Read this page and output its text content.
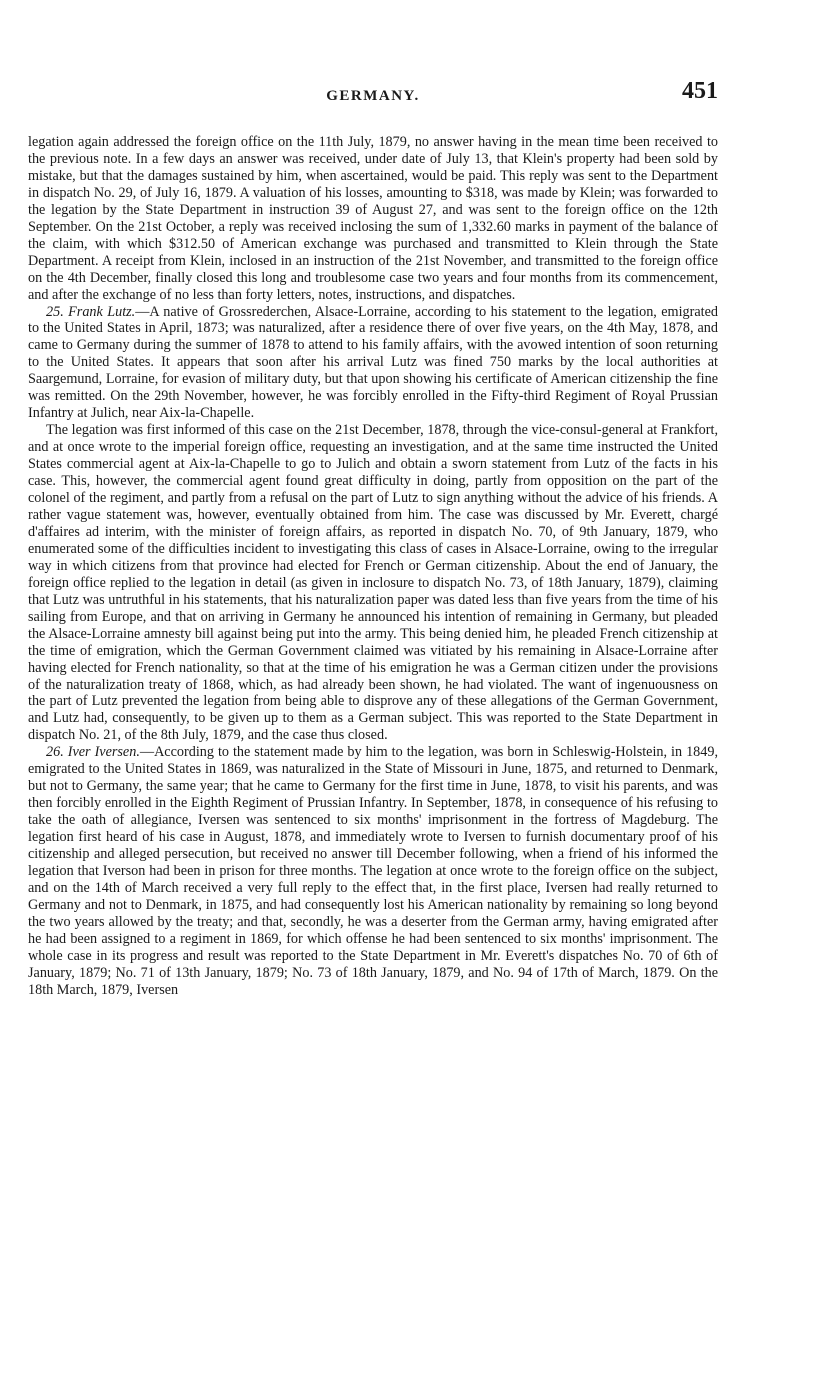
GERMANY.	451

legation again addressed the foreign office on the 11th July, 1879, no answer having in the mean time been received to the previous note. In a few days an answer was received, under date of July 13, that Klein's property had been sold by mistake, but that the damages sustained by him, when ascertained, would be paid. This reply was sent to the Department in dispatch No. 29, of July 16, 1879. A valuation of his losses, amounting to $318, was made by Klein; was forwarded to the legation by the State Department in instruction 39 of August 27, and was sent to the foreign office on the 12th September. On the 21st October, a reply was received inclosing the sum of 1,332.60 marks in payment of the balance of the claim, with which $312.50 of American exchange was purchased and transmitted to Klein through the State Department. A receipt from Klein, inclosed in an instruction of the 21st November, and transmitted to the foreign office on the 4th December, finally closed this long and troublesome case two years and four months from its commencement, and after the exchange of no less than forty letters, notes, instructions, and dispatches.

25. Frank Lutz.—A native of Grossrederchen, Alsace-Lorraine, according to his statement to the legation, emigrated to the United States in April, 1873; was naturalized, after a residence there of over five years, on the 4th May, 1878, and came to Germany during the summer of 1878 to attend to his family affairs, with the avowed intention of soon returning to the United States. It appears that soon after his arrival Lutz was fined 750 marks by the local authorities at Saargemund, Lorraine, for evasion of military duty, but that upon showing his certificate of American citizenship the fine was remitted. On the 29th November, however, he was forcibly enrolled in the Fifty-third Regiment of Royal Prussian Infantry at Julich, near Aix-la-Chapelle.

The legation was first informed of this case on the 21st December, 1878, through the vice-consul-general at Frankfort, and at once wrote to the imperial foreign office, requesting an investigation, and at the same time instructed the United States commercial agent at Aix-la-Chapelle to go to Julich and obtain a sworn statement from Lutz of the facts in his case. This, however, the commercial agent found great difficulty in doing, partly from opposition on the part of the colonel of the regiment, and partly from a refusal on the part of Lutz to sign anything without the advice of his friends. A rather vague statement was, however, eventually obtained from him. The case was discussed by Mr. Everett, chargé d'affaires ad interim, with the minister of foreign affairs, as reported in dispatch No. 70, of 9th January, 1879, who enumerated some of the difficulties incident to investigating this class of cases in Alsace-Lorraine, owing to the irregular way in which citizens from that province had elected for French or German citizenship. About the end of January, the foreign office replied to the legation in detail (as given in inclosure to dispatch No. 73, of 18th January, 1879), claiming that Lutz was untruthful in his statements, that his naturalization paper was dated less than five years from the time of his sailing from Europe, and that on arriving in Germany he announced his intention of remaining in Germany, but pleaded the Alsace-Lorraine amnesty bill against being put into the army. This being denied him, he pleaded French citizenship at the time of emigration, which the German Government claimed was vitiated by his remaining in Alsace-Lorraine after having elected for French nationality, so that at the time of his emigration he was a German citizen under the provisions of the naturalization treaty of 1868, which, as had already been shown, he had violated. The want of ingenuousness on the part of Lutz prevented the legation from being able to disprove any of these allegations of the German Government, and Lutz had, consequently, to be given up to them as a German subject. This was reported to the State Department in dispatch No. 21, of the 8th July, 1879, and the case thus closed.

26. Iver Iversen.—According to the statement made by him to the legation, was born in Schleswig-Holstein, in 1849, emigrated to the United States in 1869, was naturalized in the State of Missouri in June, 1875, and returned to Denmark, but not to Germany, the same year; that he came to Germany for the first time in June, 1878, to visit his parents, and was then forcibly enrolled in the Eighth Regiment of Prussian Infantry. In September, 1878, in consequence of his refusing to take the oath of allegiance, Iversen was sentenced to six months' imprisonment in the fortress of Magdeburg. The legation first heard of his case in August, 1878, and immediately wrote to Iversen to furnish documentary proof of his citizenship and alleged persecution, but received no answer till December following, when a friend of his informed the legation that Iverson had been in prison for three months. The legation at once wrote to the foreign office on the subject, and on the 14th of March received a very full reply to the effect that, in the first place, Iversen had really returned to Germany and not to Denmark, in 1875, and had consequently lost his American nationality by remaining so long beyond the two years allowed by the treaty; and that, secondly, he was a deserter from the German army, having emigrated after he had been assigned to a regiment in 1869, for which offense he had been sentenced to six months' imprisonment. The whole case in its progress and result was reported to the State Department in Mr. Everett's dispatches No. 70 of 6th of January, 1879; No. 71 of 13th January, 1879; No. 73 of 18th January, 1879, and No. 94 of 17th of March, 1879. On the 18th March, 1879, Iversen
